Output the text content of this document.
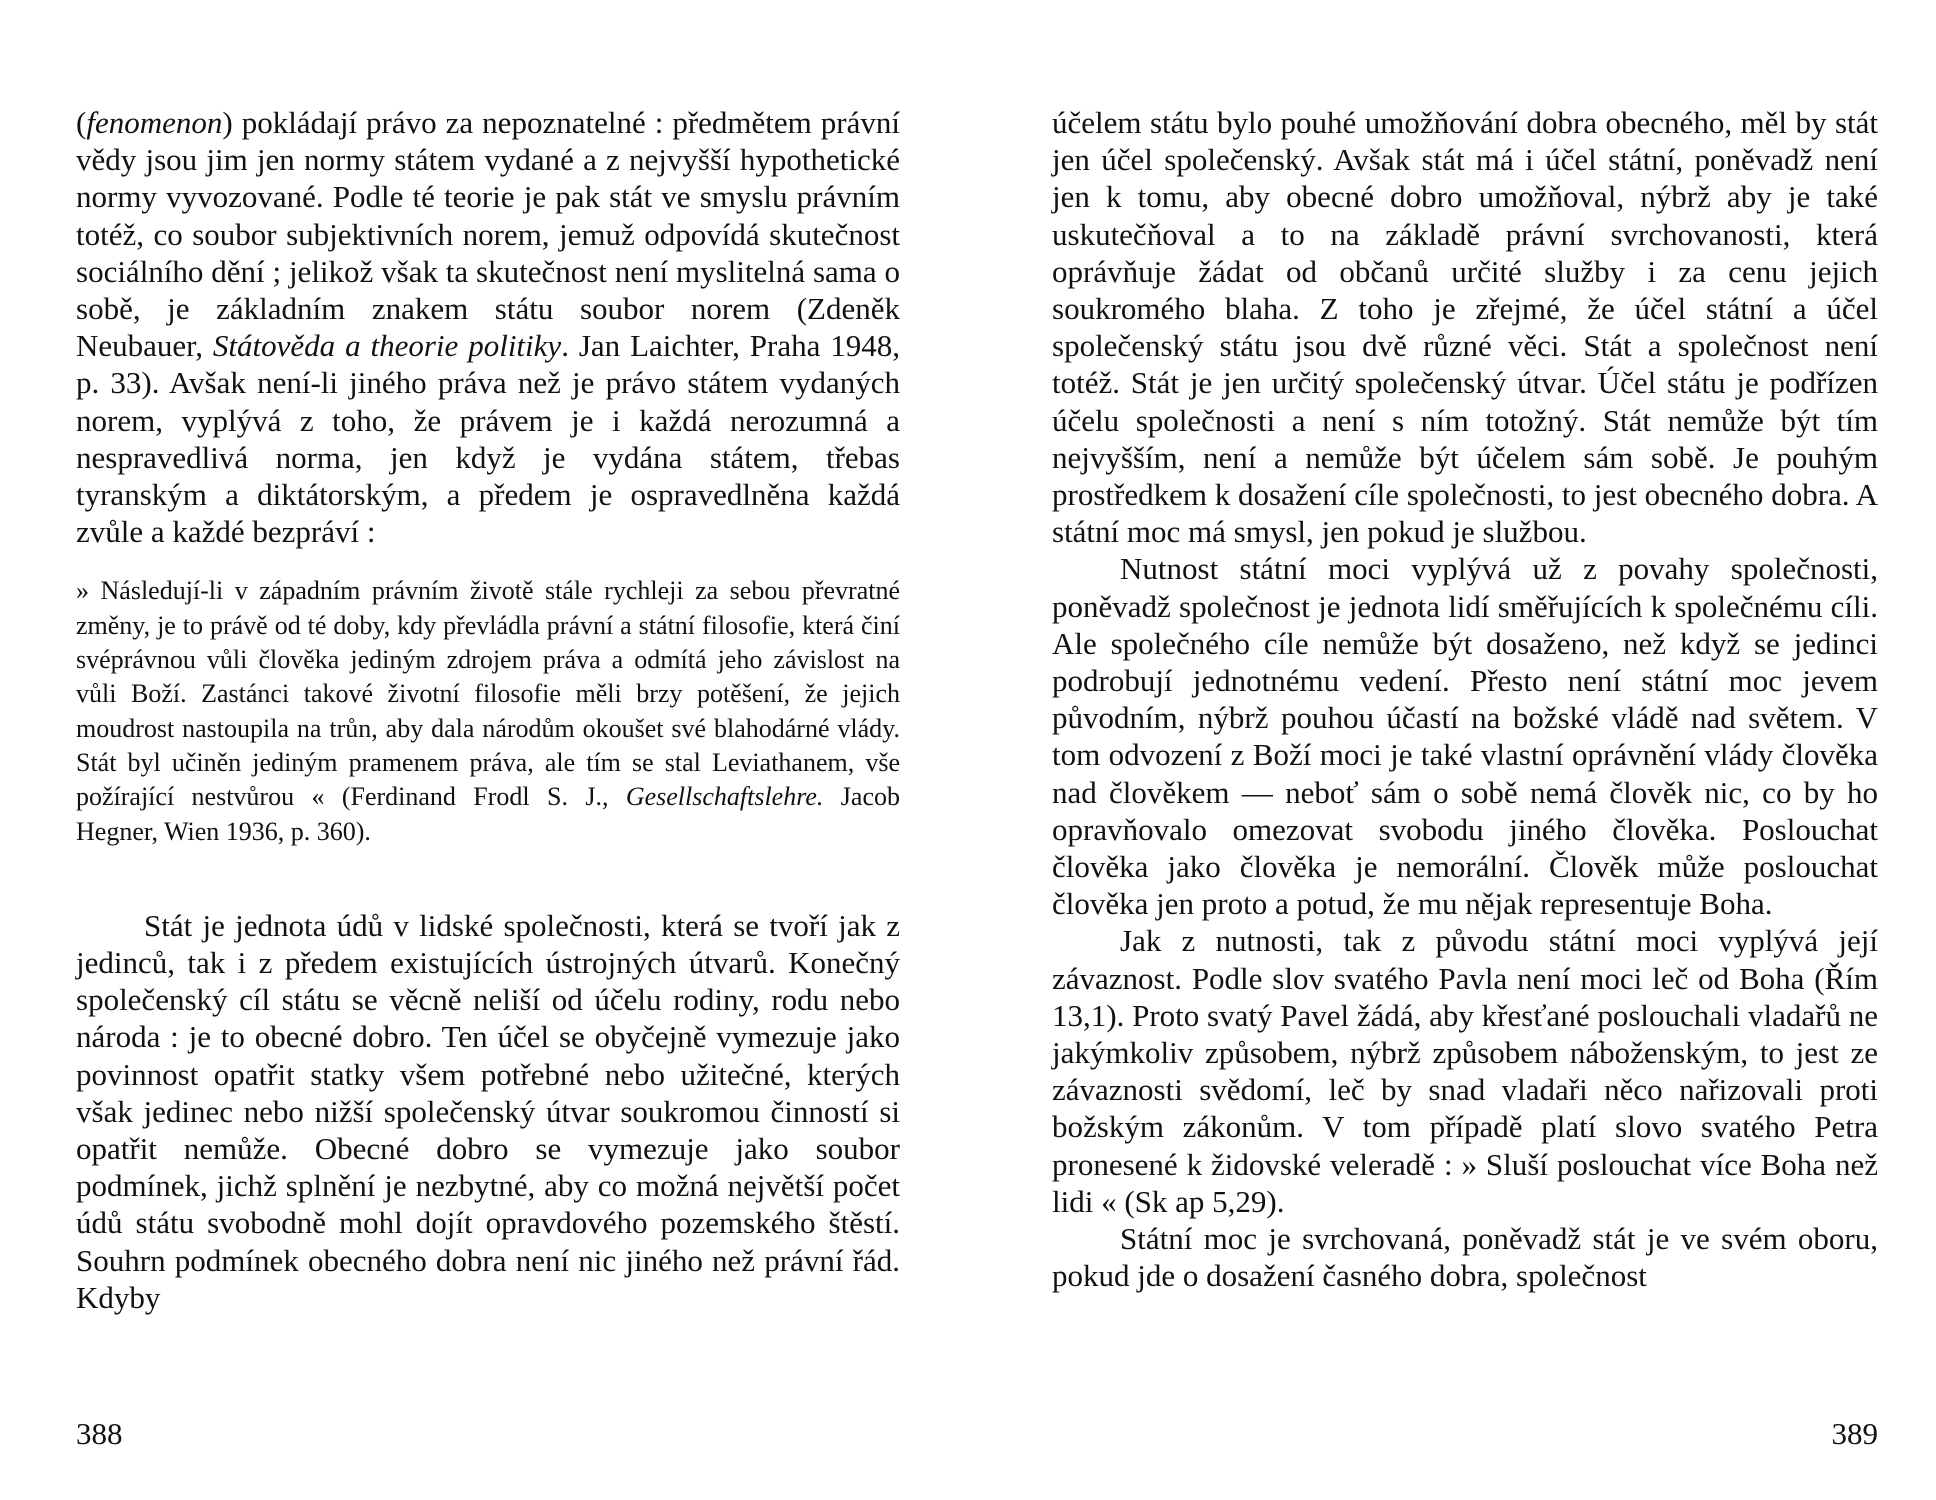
(fenomenon) pokládají právo za nepoznatelné : předmětem právní vědy jsou jim jen normy státem vydané a z nejvyšší hypothetické normy vyvozované. Podle té teorie je pak stát ve smyslu právním totéž, co soubor subjektivních norem, jemuž odpovídá skutečnost sociálního dění ; jelikož však ta skutečnost není myslitelná sama o sobě, je základním znakem státu soubor norem (Zdeněk Neubauer, Státověda a theorie politiky. Jan Laichter, Praha 1948, p. 33). Avšak není-li jiného práva než je právo státem vydaných norem, vyplývá z toho, že právem je i každá nerozumná a nespravedlivá norma, jen když je vydána státem, třebas tyranským a diktátorským, a předem je ospravedlněna každá zvůle a každé bezpráví :

» Následují-li v západním právním životě stále rychleji za sebou převratné změny, je to právě od té doby, kdy převládla právní a státní filosofie, která činí svéprávnou vůli člověka jediným zdrojem práva a odmítá jeho závislost na vůli Boží. Zastánci takové životní filosofie měli brzy potěšení, že jejich moudrost nastoupila na trůn, aby dala národům okoušet své blahodárné vlády. Stát byl učiněn jediným pramenem práva, ale tím se stal Leviathanem, vše požírající nestvůrou « (Ferdinand Frodl S. J., Gesellschaftslehre. Jacob Hegner, Wien 1936, p. 360).

Stát je jednota údů v lidské společnosti, která se tvoří jak z jedinců, tak i z předem existujících ústrojných útvarů. Konečný společenský cíl státu se věcně neliší od účelu rodiny, rodu nebo národa : je to obecné dobro. Ten účel se obyčejně vymezuje jako povinnost opatřit statky všem potřebné nebo užitečné, kterých však jedinec nebo nižší společenský útvar soukromou činností si opatřit nemůže. Obecné dobro se vymezuje jako soubor podmínek, jichž splnění je nezbytné, aby co možná největší počet údů státu svobodně mohl dojít opravdového pozemského štěstí. Souhrn podmínek obecného dobra není nic jiného než právní řád. Kdyby

388

účelem státu bylo pouhé umožňování dobra obecného, měl by stát jen účel společenský. Avšak stát má i účel státní, poněvadž není jen k tomu, aby obecné dobro umožňoval, nýbrž aby je také uskutečňoval a to na základě právní svrchovanosti, která oprávňuje žádat od občanů určité služby i za cenu jejich soukromého blaha. Z toho je zřejmé, že účel státní a účel společenský státu jsou dvě různé věci. Stát a společnost není totéž. Stát je jen určitý společenský útvar. Účel státu je podřízen účelu společnosti a není s ním totožný. Stát nemůže být tím nejvyšším, není a nemůže být účelem sám sobě. Je pouhým prostředkem k dosažení cíle společnosti, to jest obecného dobra. A státní moc má smysl, jen pokud je službou.

Nutnost státní moci vyplývá už z povahy společnosti, poněvadž společnost je jednota lidí směřujících k společnému cíli. Ale společného cíle nemůže být dosaženo, než když se jedinci podrobují jednotnému vedení. Přesto není státní moc jevem původním, nýbrž pouhou účastí na božské vládě nad světem. V tom odvození z Boží moci je také vlastní oprávnění vlády člověka nad člověkem — neboť sám o sobě nemá člověk nic, co by ho opravňovalo omezovat svobodu jiného člověka. Poslouchat člověka jako člověka je nemorální. Člověk může poslouchat člověka jen proto a potud, že mu nějak representuje Boha.

Jak z nutnosti, tak z původu státní moci vyplývá její závaznost. Podle slov svatého Pavla není moci leč od Boha (Řím 13,1). Proto svatý Pavel žádá, aby křesťané poslouchali vladařů ne jakýmkoliv způsobem, nýbrž způsobem náboženským, to jest ze závaznosti svědomí, leč by snad vladaři něco nařizovali proti božským zákonům. V tom případě platí slovo svatého Petra pronesené k židovské veleradě : » Sluší poslouchat více Boha než lidi « (Sk ap 5,29).

Státní moc je svrchovaná, poněvadž stát je ve svém oboru, pokud jde o dosažení časného dobra, společnost

389
